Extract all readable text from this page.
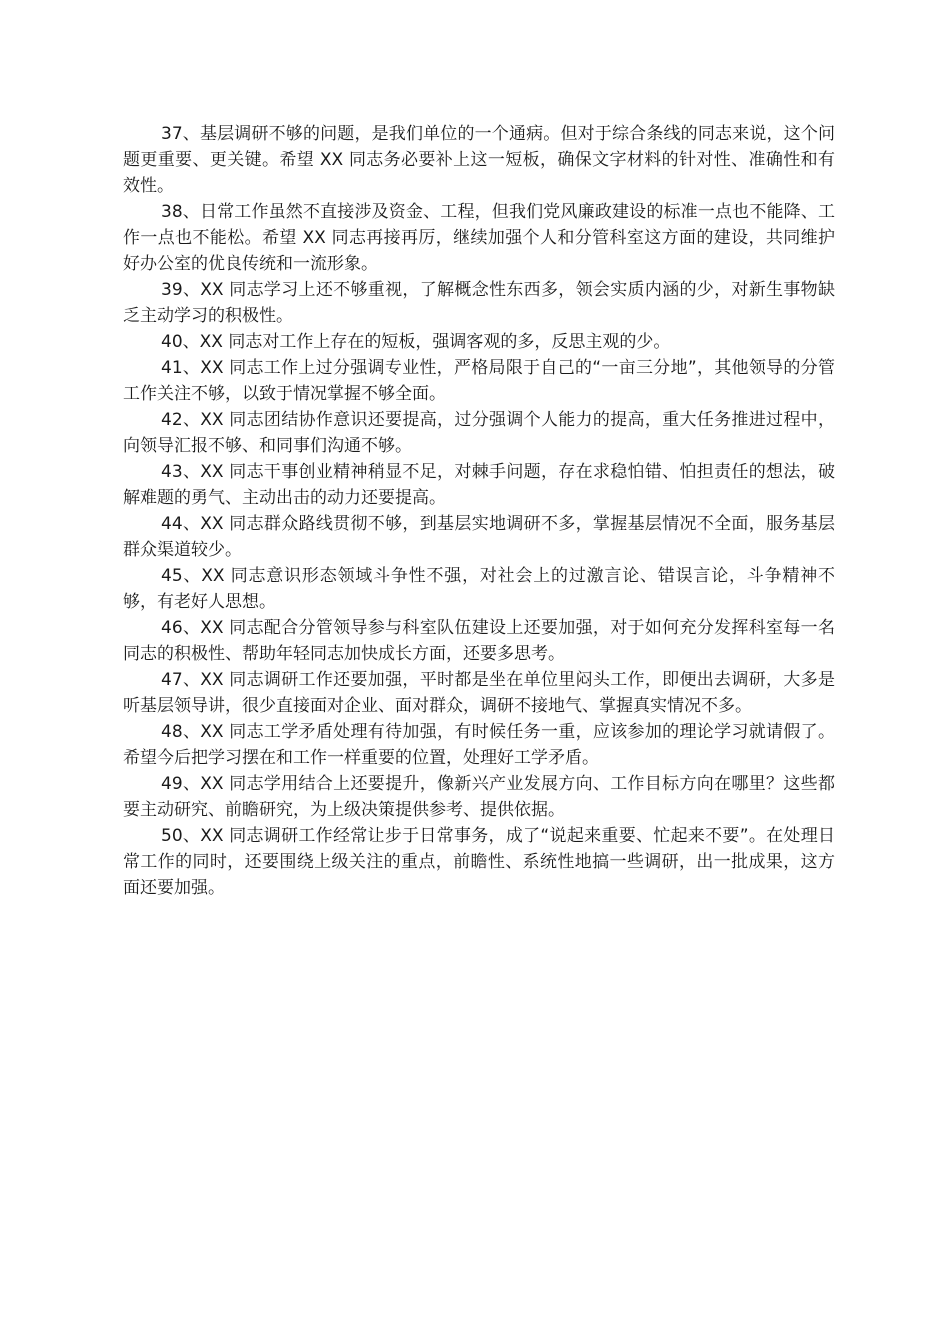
37、基层调研不够的问题，是我们单位的一个通病。但对于综合条线的同志来说，这个问题更重要、更关键。希望 XX 同志务必要补上这一短板，确保文字材料的针对性、准确性和有效性。

38、日常工作虽然不直接涉及资金、工程，但我们党风廉政建设的标准一点也不能降、工作一点也不能松。希望 XX 同志再接再厉，继续加强个人和分管科室这方面的建设，共同维护好办公室的优良传统和一流形象。

39、XX 同志学习上还不够重视，了解概念性东西多，领会实质内涵的少，对新生事物缺乏主动学习的积极性。

40、XX 同志对工作上存在的短板，强调客观的多，反思主观的少。

41、XX 同志工作上过分强调专业性，严格局限于自己的“一亩三分地”，其他领导的分管工作关注不够，以致于情况掌握不够全面。

42、XX 同志团结协作意识还要提高，过分强调个人能力的提高，重大任务推进过程中，向领导汇报不够、和同事们沟通不够。

43、XX 同志干事创业精神稍显不足，对棘手问题，存在求稳怕错、怕担责任的想法，破解难题的勇气、主动出击的动力还要提高。

44、XX 同志群众路线贯彻不够，到基层实地调研不多，掌握基层情况不全面，服务基层群众渠道较少。

45、XX 同志意识形态领域斗争性不强，对社会上的过激言论、错误言论，斗争精神不够，有老好人思想。

46、XX 同志配合分管领导参与科室队伍建设上还要加强，对于如何充分发挥科室每一名同志的积极性、帮助年轻同志加快成长方面，还要多思考。

47、XX 同志调研工作还要加强，平时都是坐在单位里闷头工作，即便出去调研，大多是听基层领导讲，很少直接面对企业、面对群众，调研不接地气、掌握真实情况不多。

48、XX 同志工学矛盾处理有待加强，有时候任务一重，应该参加的理论学习就请假了。希望今后把学习摆在和工作一样重要的位置，处理好工学矛盾。

49、XX 同志学用结合上还要提升，像新兴产业发展方向、工作目标方向在哪里？这些都要主动研究、前瞻研究，为上级决策提供参考、提供依据。

50、XX 同志调研工作经常让步于日常事务，成了“说起来重要、忙起来不要”。在处理日常工作的同时，还要围绕上级关注的重点，前瞻性、系统性地搞一些调研，出一批成果，这方面还要加强。
